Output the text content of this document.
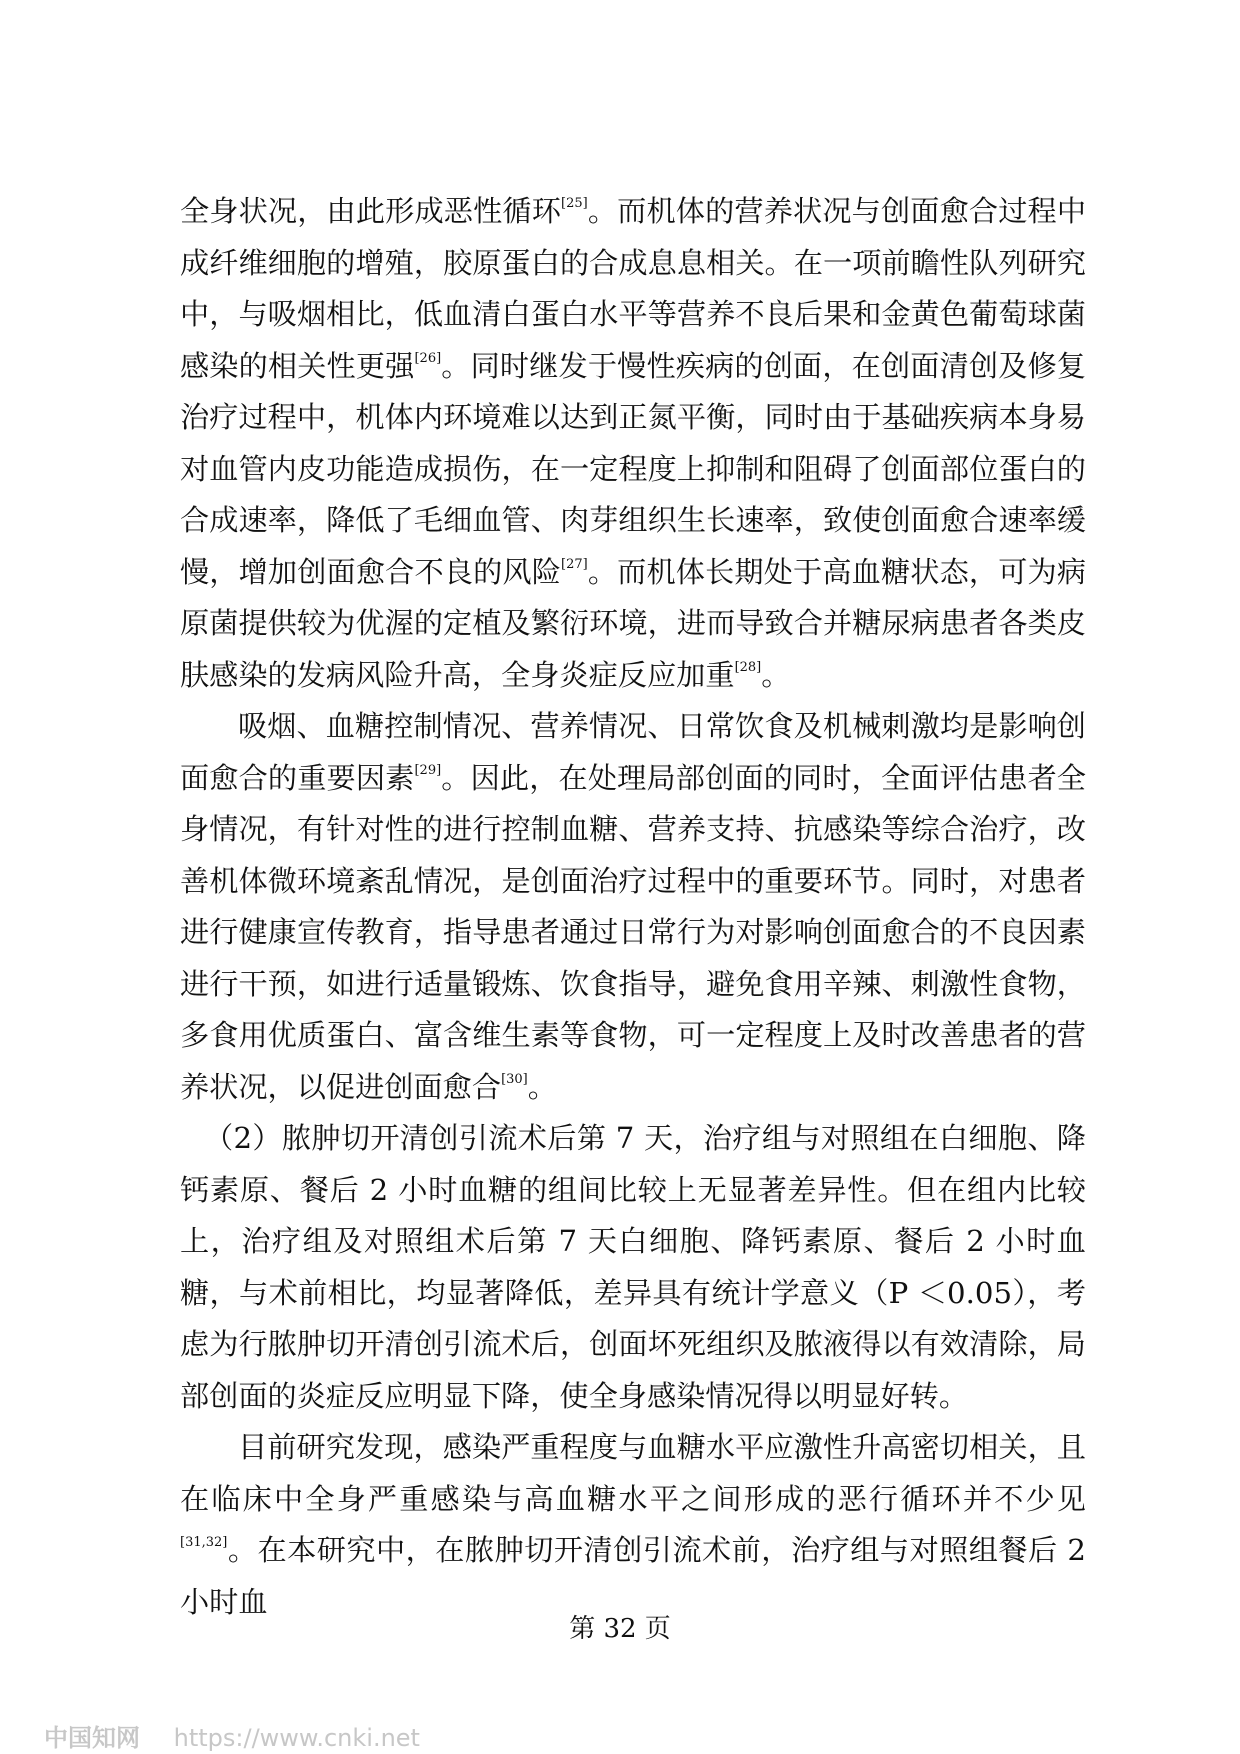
全身状况，由此形成恶性循环[25]。而机体的营养状况与创面愈合过程中成纤维细胞的增殖，胶原蛋白的合成息息相关。在一项前瞻性队列研究中，与吸烟相比，低血清白蛋白水平等营养不良后果和金黄色葡萄球菌感染的相关性更强[26]。同时继发于慢性疾病的创面，在创面清创及修复治疗过程中，机体内环境难以达到正氮平衡，同时由于基础疾病本身易对血管内皮功能造成损伤，在一定程度上抑制和阻碍了创面部位蛋白的合成速率，降低了毛细血管、肉芽组织生长速率，致使创面愈合速率缓慢，增加创面愈合不良的风险[27]。而机体长期处于高血糖状态，可为病原菌提供较为优渥的定植及繁衍环境，进而导致合并糖尿病患者各类皮肤感染的发病风险升高，全身炎症反应加重[28]。

吸烟、血糖控制情况、营养情况、日常饮食及机械刺激均是影响创面愈合的重要因素[29]。因此，在处理局部创面的同时，全面评估患者全身情况，有针对性的进行控制血糖、营养支持、抗感染等综合治疗，改善机体微环境紊乱情况，是创面治疗过程中的重要环节。同时，对患者进行健康宣传教育，指导患者通过日常行为对影响创面愈合的不良因素进行干预，如进行适量锻炼、饮食指导，避免食用辛辣、刺激性食物，多食用优质蛋白、富含维生素等食物，可一定程度上及时改善患者的营养状况，以促进创面愈合[30]。

（2）脓肿切开清创引流术后第 7 天，治疗组与对照组在白细胞、降钙素原、餐后 2 小时血糖的组间比较上无显著差异性。但在组内比较上，治疗组及对照组术后第 7 天白细胞、降钙素原、餐后 2 小时血糖，与术前相比，均显著降低，差异具有统计学意义（P ＜0.05），考虑为行脓肿切开清创引流术后，创面坏死组织及脓液得以有效清除，局部创面的炎症反应明显下降，使全身感染情况得以明显好转。

目前研究发现，感染严重程度与血糖水平应激性升高密切相关，且在临床中全身严重感染与高血糖水平之间形成的恶行循环并不少见[31,32]。在本研究中，在脓肿切开清创引流术前，治疗组与对照组餐后 2 小时血

第 32 页
中国知网 https://www.cnki.net
